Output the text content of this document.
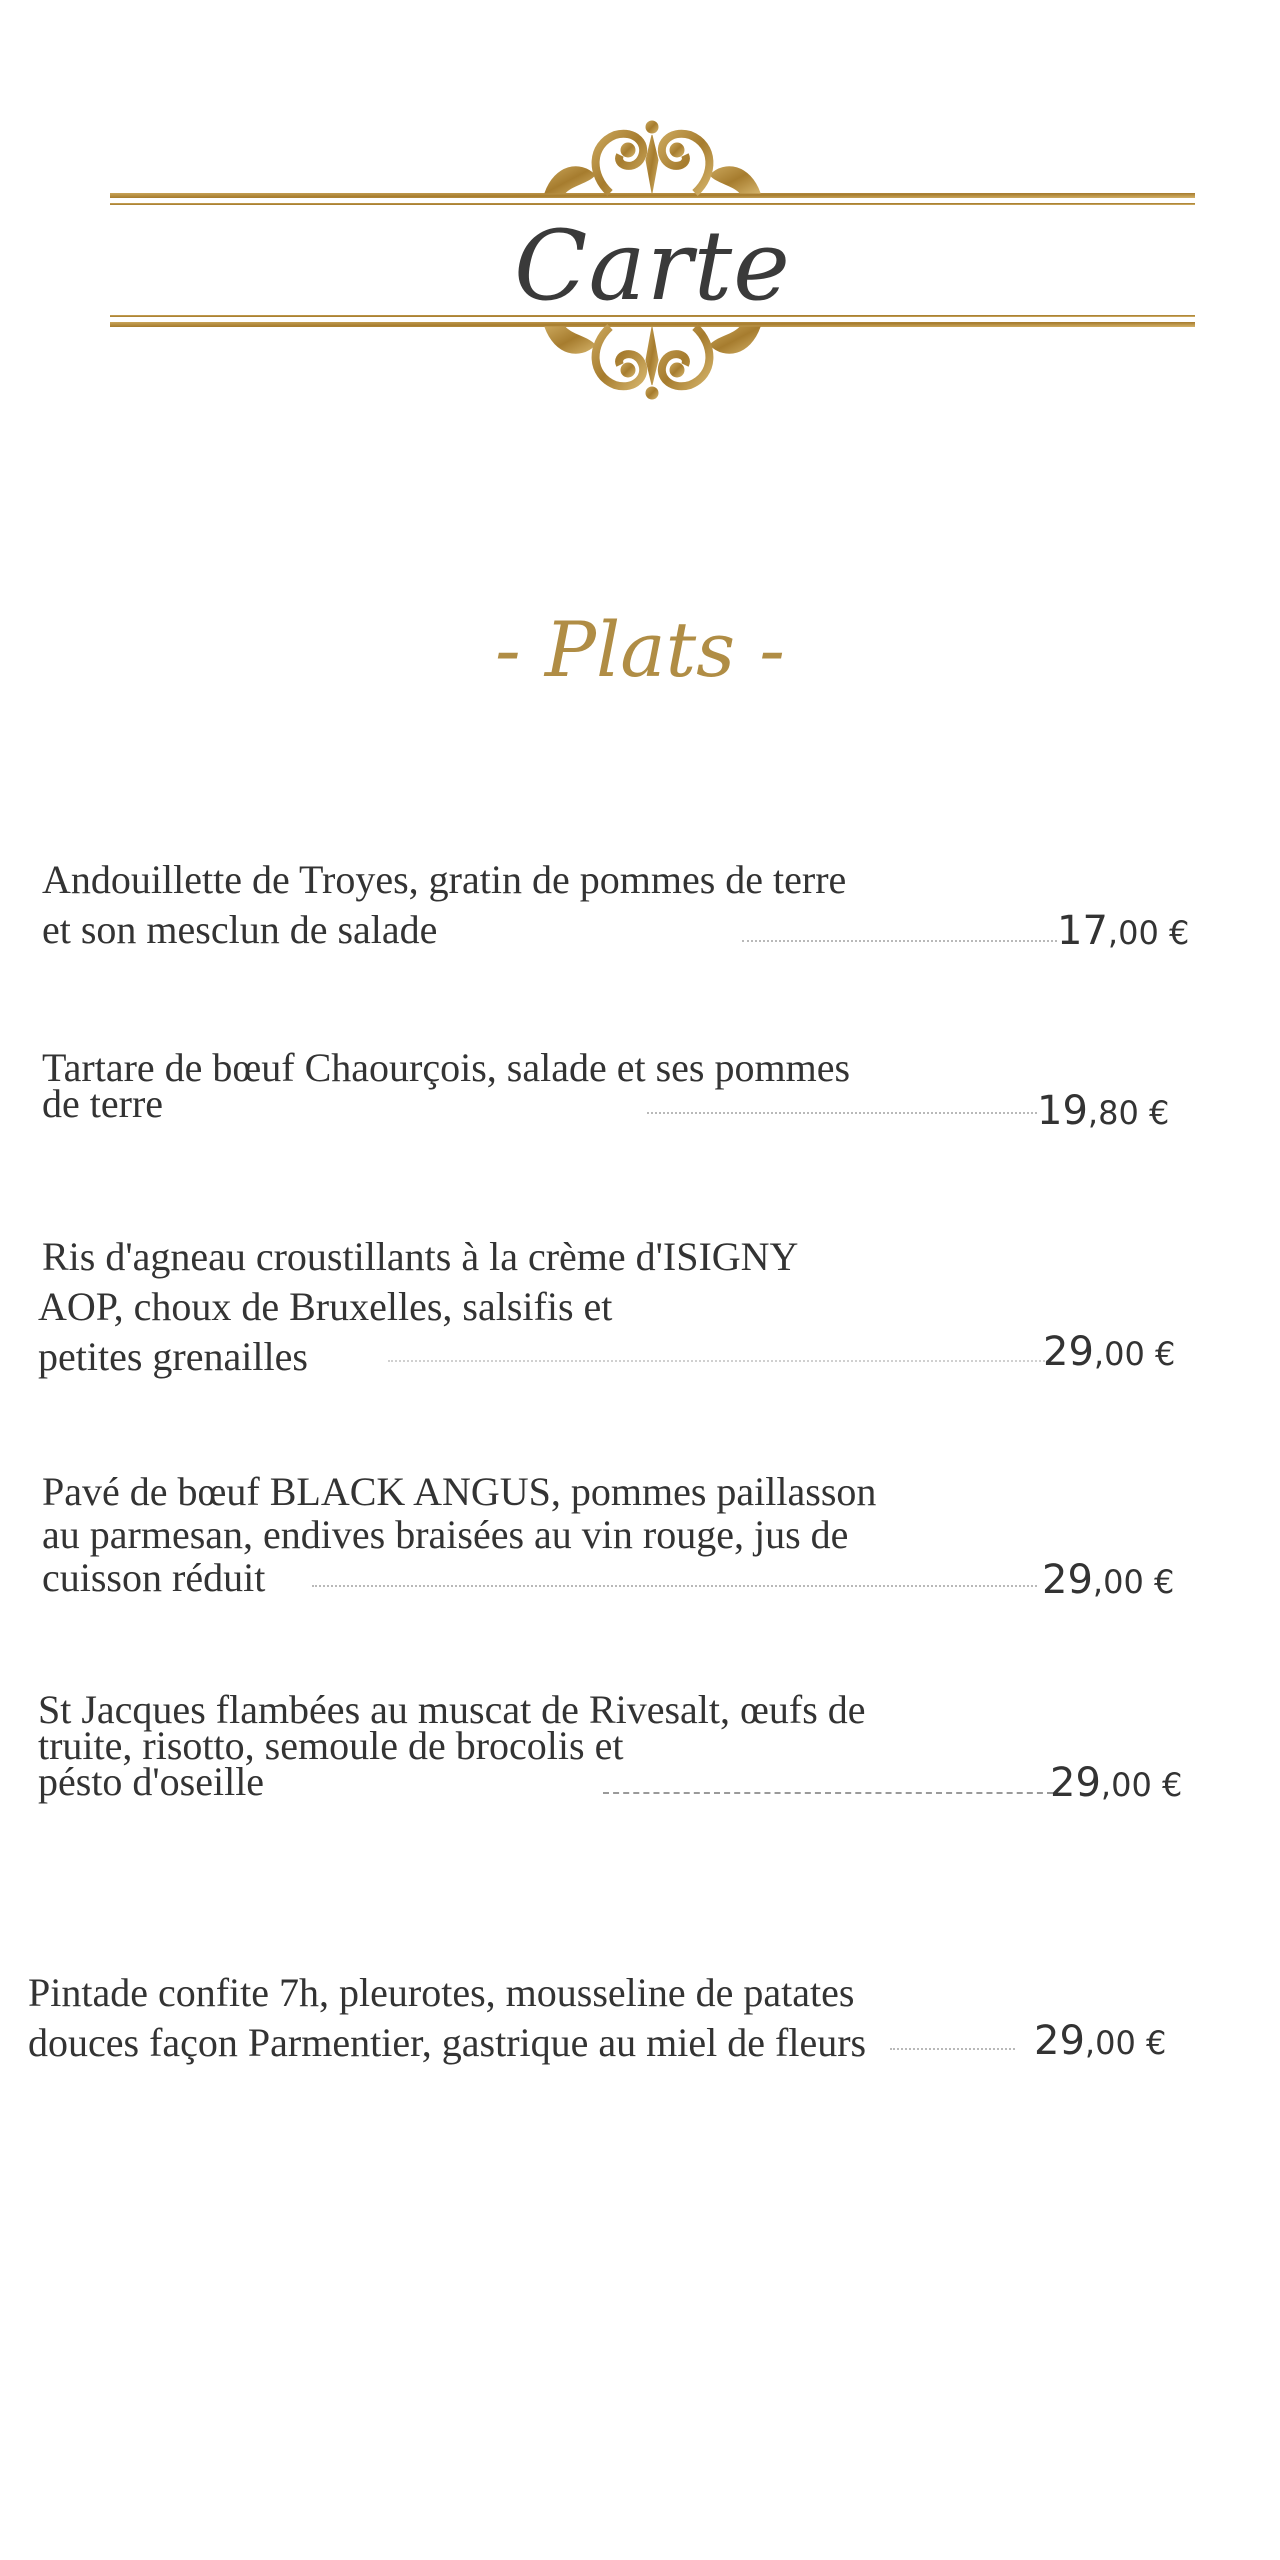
Carte
- Plats -
Andouillette de Troyes, gratin de pommes de terre
et son mesclun de salade	17,00 €
Tartare de bœuf Chaourçois, salade et ses pommes
de terre	19,80 €
Ris d'agneau croustillants à la crème d'ISIGNY
AOP, choux de Bruxelles, salsifis et
petites grenailles	29,00 €
Pavé de bœuf BLACK ANGUS, pommes paillasson
au parmesan, endives braisées au vin rouge, jus de
cuisson réduit	29,00 €
St Jacques flambées au muscat de Rivesalt, œufs de
truite, risotto, semoule de brocolis et
pésto d'oseille	29,00 €
Pintade confite 7h, pleurotes, mousseline de patates
douces façon Parmentier, gastrique au miel de fleurs	29,00 €
